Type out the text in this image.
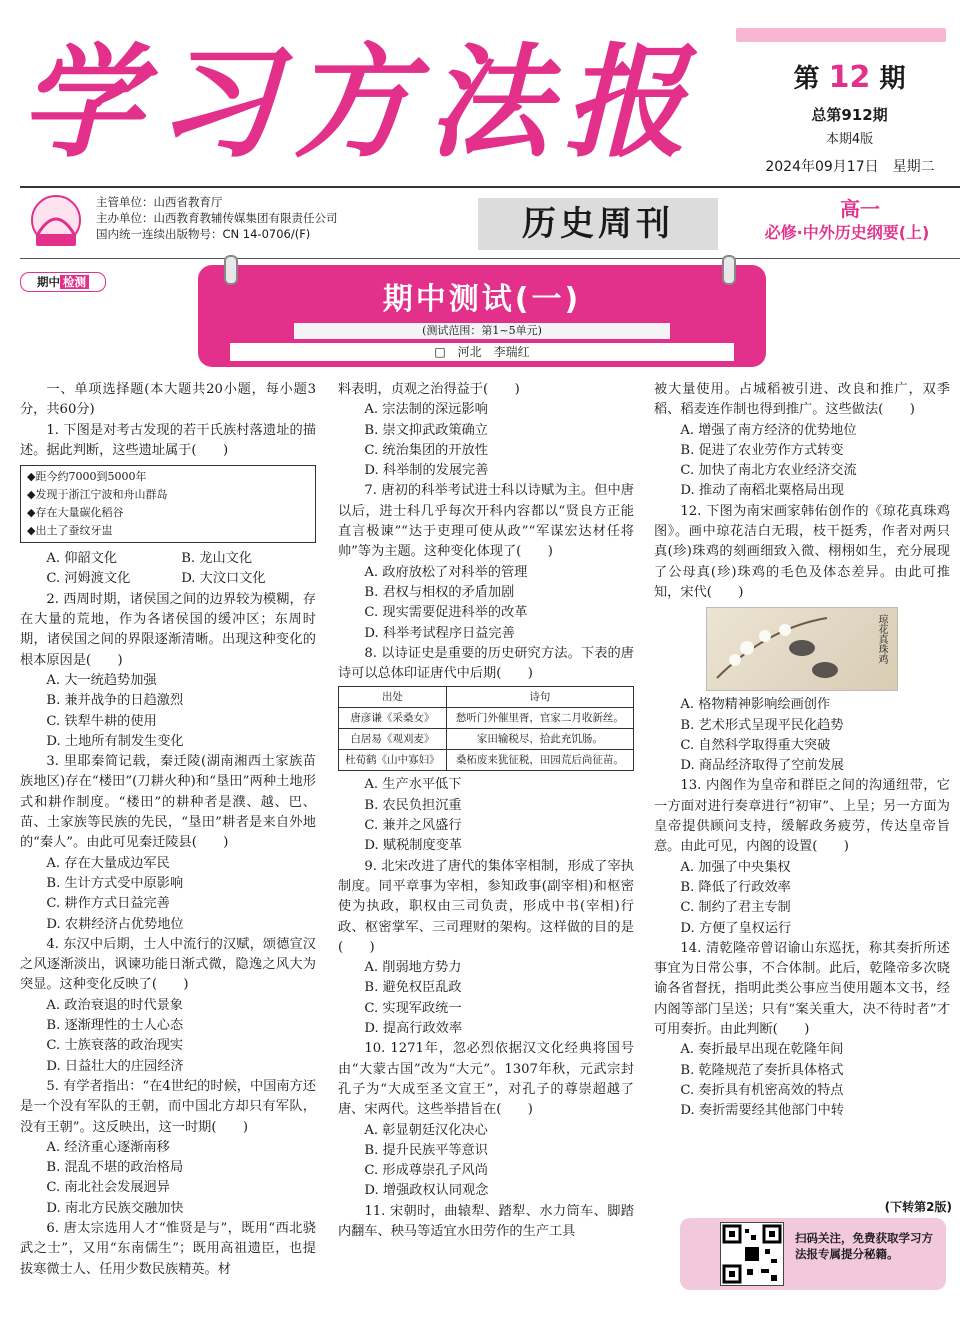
学习方法报	第 12 期
总第912期
本期4版
2024年09月17日　星期二
主管单位：山西省教育厅
主办单位：山西教育教辅传媒集团有限责任公司
国内统一连续出版物号：CN 14-0706/(F)	历史周刊	高一
必修·中外历史纲要(上)
期中 检测	期中测试(一)
(测试范围：第1~5单元)
□　河北　李瑞红

一、单项选择题(本大题共20小题，每小题3分，共60分)

1. 下图是对考古发现的若干氏族村落遗址的描述。据此判断，这些遗址属于(　　)

◆距今约7000到5000年
◆发现于浙江宁波和舟山群岛
◆存在大量碳化稻谷
◆出土了蚕纹牙盅
A. 仰韶文化	B. 龙山文化
C. 河姆渡文化	D. 大汶口文化

2. 西周时期，诸侯国之间的边界较为模糊，存在大量的荒地，作为各诸侯国的缓冲区；东周时期，诸侯国之间的界限逐渐清晰。出现这种变化的根本原因是(　　)

A. 大一统趋势加强

B. 兼并战争的日趋激烈

C. 铁犁牛耕的使用

D. 土地所有制发生变化

3. 里耶秦简记载，秦迁陵(湖南湘西土家族苗族地区)存在“楼田”(刀耕火种)和“垦田”两种土地形式和耕作制度。“楼田”的耕种者是濮、越、巴、苗、土家族等民族的先民，“垦田”耕者是来自外地的“秦人”。由此可见秦迁陵县(　　)

A. 存在大量成边军民

B. 生计方式受中原影响

C. 耕作方式日益完善

D. 农耕经济占优势地位

4. 东汉中后期，士人中流行的汉赋，颂德宣汉之风逐渐淡出，讽谏功能日渐式微，隐逸之风大为突显。这种变化反映了(　　)

A. 政治衰退的时代景象

B. 逐渐理性的士人心态

C. 士族衰落的政治现实

D. 日益壮大的庄园经济

5. 有学者指出：“在4世纪的时候，中国南方还是一个没有军队的王朝，而中国北方却只有军队，没有王朝”。这反映出，这一时期(　　)

A. 经济重心逐渐南移

B. 混乱不堪的政治格局

C. 南北社会发展迥异

D. 南北方民族交融加快

6. 唐太宗选用人才“惟贤是与”，既用“西北骁武之士”，又用“东南儒生”；既用高祖遗臣，也提拔寒微士人、任用少数民族精英。材

料表明，贞观之治得益于(　　)

A. 宗法制的深远影响

B. 崇文抑武政策确立

C. 统治集团的开放性

D. 科举制的发展完善

7. 唐初的科举考试进士科以诗赋为主。但中唐以后，进士科几乎每次开科内容都以“贤良方正能直言极谏”“达于吏理可使从政”“军谋宏达材任将帅”等为主题。这种变化体现了(　　)

A. 政府放松了对科举的管理

B. 君权与相权的矛盾加剧

C. 现实需要促进科举的改革

D. 科举考试程序日益完善

8. 以诗证史是重要的历史研究方法。下表的唐诗可以总体印证唐代中后期(　　)

出处	诗句
唐彦谦《采桑女》	愁听门外催里胥，官家二月收新丝。
白居易《观刈麦》	家田输税尽，拾此充饥肠。
杜荀鹤《山中寡妇》	桑柘废来犹征税，田园荒后尚征苗。

A. 生产水平低下

B. 农民负担沉重

C. 兼并之风盛行

D. 赋税制度变革

9. 北宋改进了唐代的集体宰相制，形成了宰执制度。同平章事为宰相，参知政事(副宰相)和枢密使为执政，职权由三司负责，形成中书(宰相)行政、枢密掌军、三司理财的架构。这样做的目的是(　　)

A. 削弱地方势力

B. 避免权臣乱政

C. 实现军政统一

D. 提高行政效率

10. 1271年，忽必烈依据汉文化经典将国号由“大蒙古国”改为“大元”。1307年秋，元武宗封孔子为“大成至圣文宣王”，对孔子的尊崇超越了唐、宋两代。这些举措旨在(　　)

A. 彰显朝廷汉化决心

B. 提升民族平等意识

C. 形成尊崇孔子风尚

D. 增强政权认同观念

11. 宋朝时，曲辕犁、踏犁、水力筒车、脚踏内翻车、秧马等适宜水田劳作的生产工具

被大量使用。占城稻被引进、改良和推广，双季稻、稻麦连作制也得到推广。这些做法(　　)

A. 增强了南方经济的优势地位

B. 促进了农业劳作方式转变

C. 加快了南北方农业经济交流

D. 推动了南稻北粟格局出现

12. 下图为南宋画家韩佑创作的《琼花真珠鸡图》。画中琼花洁白无瑕，枝干挺秀，作者对两只真(珍)珠鸡的刻画细致入微、栩栩如生，充分展现了公母真(珍)珠鸡的毛色及体态差异。由此可推知，宋代(　　)

琼花真珠鸡

A. 格物精神影响绘画创作

B. 艺术形式呈现平民化趋势

C. 自然科学取得重大突破

D. 商品经济取得了空前发展

13. 内阁作为皇帝和群臣之间的沟通纽带，它一方面对进行奏章进行“初审”、上呈；另一方面为皇帝提供顾问支持，缓解政务疲劳，传达皇帝旨意。由此可见，内阁的设置(　　)

A. 加强了中央集权

B. 降低了行政效率

C. 制约了君主专制

D. 方便了皇权运行

14. 清乾隆帝曾诏谕山东巡抚，称其奏折所述事宜为日常公事，不合体制。此后，乾隆帝多次晓谕各省督抚，指明此类公事应当使用题本文书，经内阁等部门呈送；只有“案关重大，决不待时者”才可用奏折。由此判断(　　)

A. 奏折最早出现在乾隆年间

B. 乾隆规范了奏折具体格式

C. 奏折具有机密高效的特点

D. 奏折需要经其他部门中转

(下转第2版)
扫码关注，免费获取学习方法报专属提分秘籍。
